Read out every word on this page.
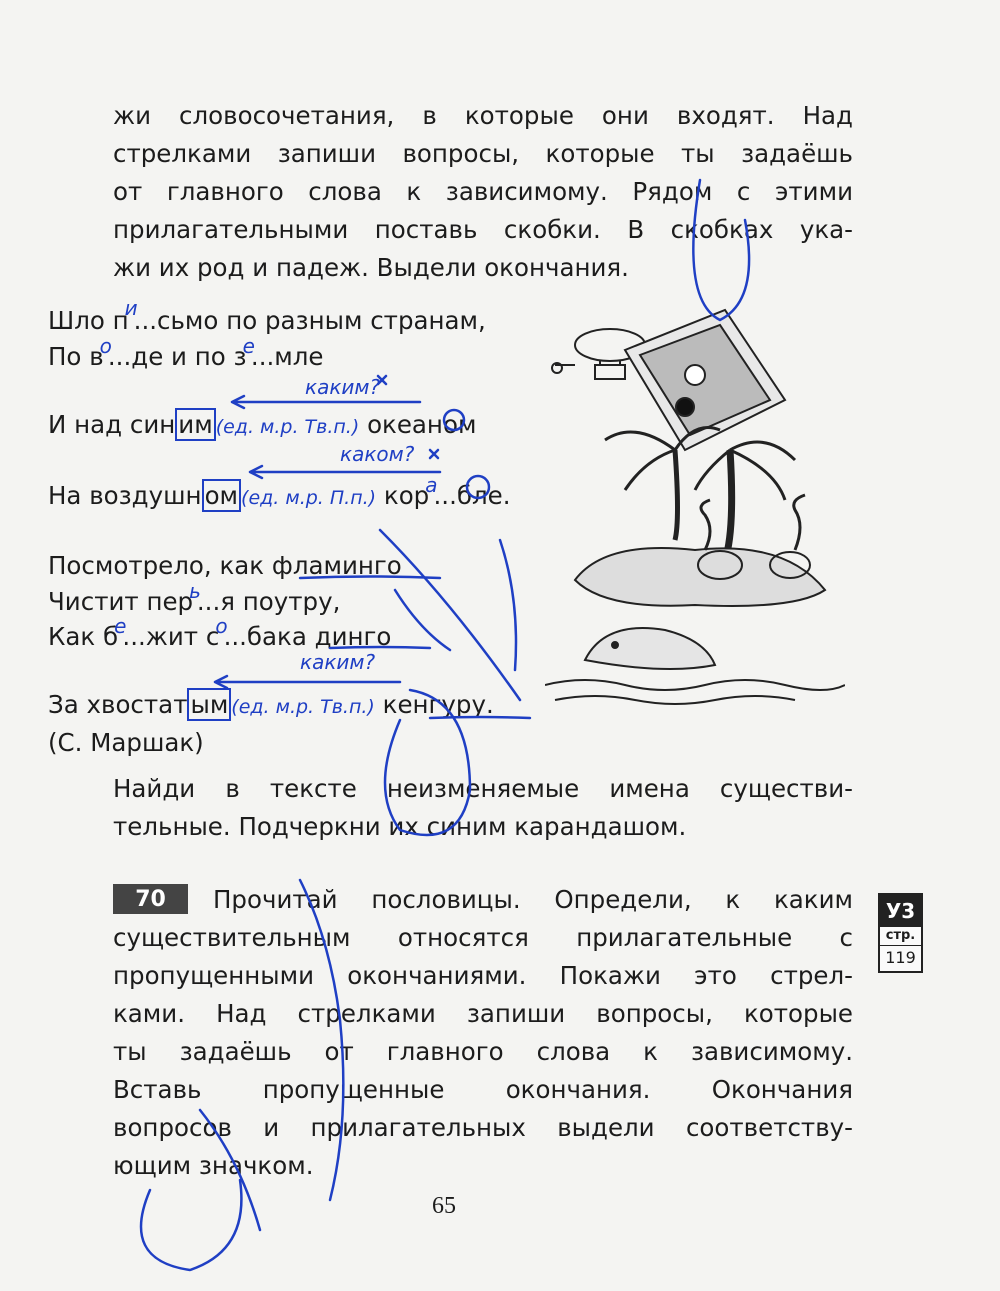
жи словосочетания, в которые они входят. Над
стрелками запиши вопросы, которые ты задаёшь
от главного слова к зависимому. Рядом с этими
прилагательными поставь скобки. В скобках ука-
жи их род и падеж. Выдели окончания.
Шло $п^и...сьмо$ по разным странам,
По $в^о...де$ и по $з^е...мле$
каким?
И над син им (ед. м.р. Тв.п.) океаном
каком?
На воздушн ом (ед. м.р. П.п.) кор$^а$...бле.
Посмотрело, как фламинго
Чистит пер$^ь$...я поутру,
Как $б^е...жит$ $с^о...бака$ динго
каким?
За хвостат ым (ед. м.р. Тв.п.) кенгуру.
(С. Маршак)
Найди в тексте неизменяемые имена существи-
тельные. Подчеркни их синим карандашом.
70	Прочитай пословицы. Определи, к каким
существительным относятся прилагательные с
пропущенными окончаниями. Покажи это стрел-
ками. Над стрелками запиши вопросы, которые
ты задаёшь от главного слова к зависимому.
Вставь пропущенные окончания. Окончания
вопросов и прилагательных выдели соответству-
ющим значком.
У3
стр.
119
65
